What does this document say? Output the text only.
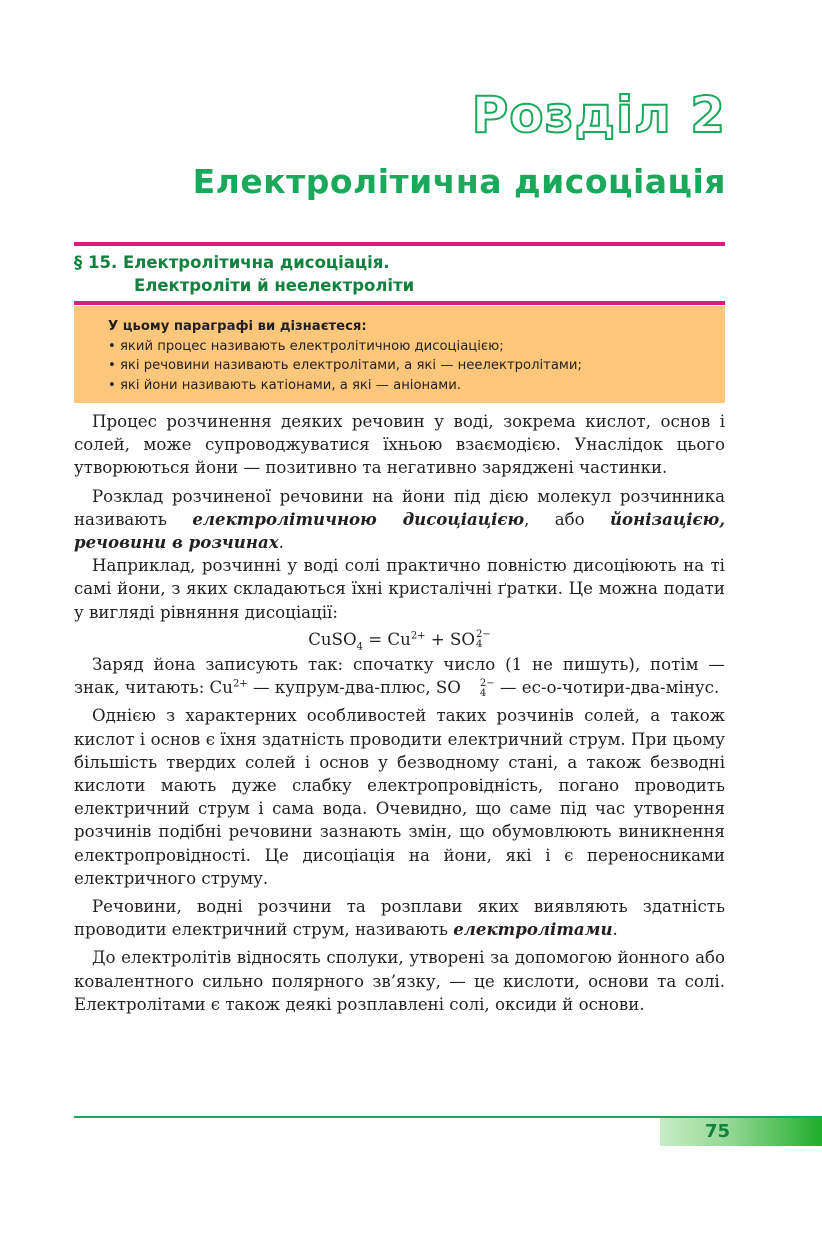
Розділ 2
Електролітична дисоціація
§ 15. Електролітична дисоціація.
Електроліти й неелектроліти
У цьому параграфі ви дізнаєтеся:
• який процес називають електролітичною дисоціацією;
• які речовини називають електролітами, а які — неелектролітами;
• які йони називають катіонами, а які — аніонами.

Процес розчинення деяких речовин у воді, зокрема кислот, основ і солей, може супроводжуватися їхньою взаємодією. Унаслідок цього утворюються йони — позитивно та негативно заряджені частинки.

Розклад розчиненої речовини на йони під дією молекул розчинника називають електролітичною дисоціацією, або йонізацією, речовини в розчинах.

Наприклад, розчинні у воді солі практично повністю дисоціюють на ті самі йони, з яких складаються їхні кристалічні ґратки. Це можна подати у вигляді рівняння дисоціації:

CuSO$_4$ = $Cu^{2+}$ + SO 2−
4

Заряд йона записують так: спочатку число (1 не пишуть), потім — знак, читають: $Cu^{2+}$ — купрум-два-плюс, SO	2−
4 — ес-о-чотири-два-мінус.

Однією з характерних особливостей таких розчинів солей, а також кислот і основ є їхня здатність проводити електричний струм. При цьому більшість твердих солей і основ у безводному стані, а також безводні кислоти мають дуже слабку електропровідність, погано проводить електричний струм і сама вода. Очевидно, що саме під час утворення розчинів подібні речовини зазнають змін, що обумовлюють виникнення електропровідності. Це дисоціація на йони, які і є переносниками електричного струму.

Речовини, водні розчини та розплави яких виявляють здатність проводити електричний струм, називають електролітами.

До електролітів відносять сполуки, утворені за допомогою йонного або ковалентного сильно полярного зв’язку, — це кислоти, основи та солі. Електролітами є також деякі розплавлені солі, оксиди й основи.

75
